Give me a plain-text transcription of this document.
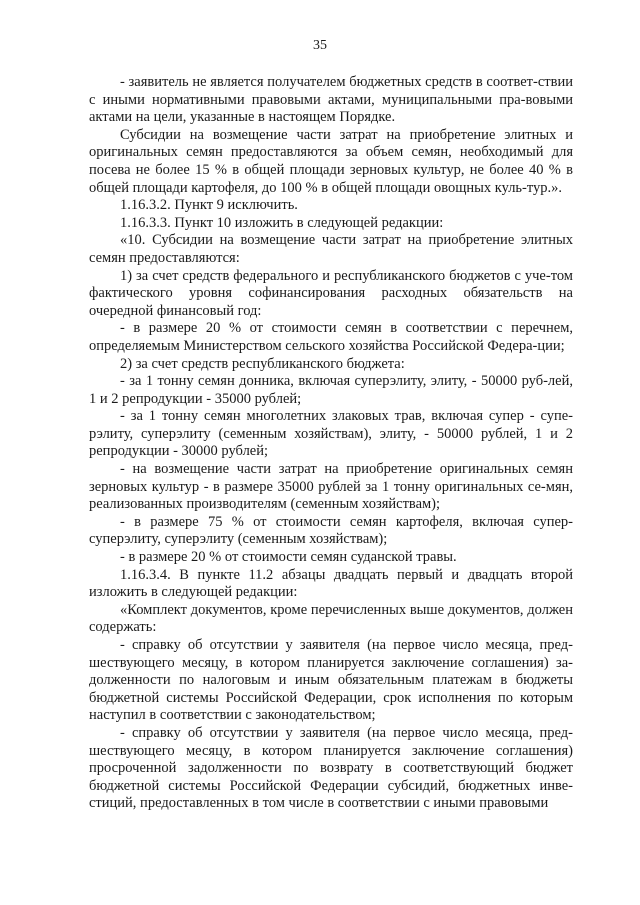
35

- заявитель не является получателем бюджетных средств в соответ-ствии с иными нормативными правовыми актами, муниципальными пра-вовыми актами на цели, указанные в настоящем Порядке.

Субсидии на возмещение части затрат на приобретение элитных и оригинальных семян предоставляются за объем семян, необходимый для посева не более 15 % в общей площади зерновых культур, не более 40 % в общей площади картофеля, до 100 % в общей площади овощных куль-тур.».

1.16.3.2. Пункт 9 исключить.

1.16.3.3. Пункт 10 изложить в следующей редакции:

«10. Субсидии на возмещение части затрат на приобретение элитных семян предоставляются:

1) за счет средств федерального и республиканского бюджетов с уче-том фактического уровня софинансирования расходных обязательств на очередной финансовый год:

- в размере 20 % от стоимости семян в соответствии с перечнем, определяемым Министерством сельского хозяйства Российской Федера-ции;

2) за счет средств республиканского бюджета:

- за 1 тонну семян донника, включая суперэлиту, элиту, - 50000 руб-лей, 1 и 2 репродукции - 35000 рублей;

- за 1 тонну семян многолетних злаковых трав, включая супер - супе-рэлиту, суперэлиту (семенным хозяйствам), элиту, - 50000 рублей, 1 и 2 репродукции - 30000 рублей;

- на возмещение части затрат на приобретение оригинальных семян зерновых культур - в размере 35000 рублей за 1 тонну оригинальных се-мян, реализованных производителям (семенным хозяйствам);

- в размере 75 % от стоимости семян картофеля, включая супер-суперэлиту, суперэлиту (семенным хозяйствам);

- в размере 20 % от стоимости семян суданской травы.

1.16.3.4. В пункте 11.2 абзацы двадцать первый и двадцать второй изложить в следующей редакции:

«Комплект документов, кроме перечисленных выше документов, должен содержать:

- справку об отсутствии у заявителя (на первое число месяца, пред-шествующего месяцу, в котором планируется заключение соглашения) за-долженности по налоговым и иным обязательным платежам в бюджеты бюджетной системы Российской Федерации, срок исполнения по которым наступил в соответствии с законодательством;

- справку об отсутствии у заявителя (на первое число месяца, пред-шествующего месяцу, в котором планируется заключение соглашения) просроченной задолженности по возврату в соответствующий бюджет бюджетной системы Российской Федерации субсидий, бюджетных инве-стиций, предоставленных в том числе в соответствии с иными правовыми
